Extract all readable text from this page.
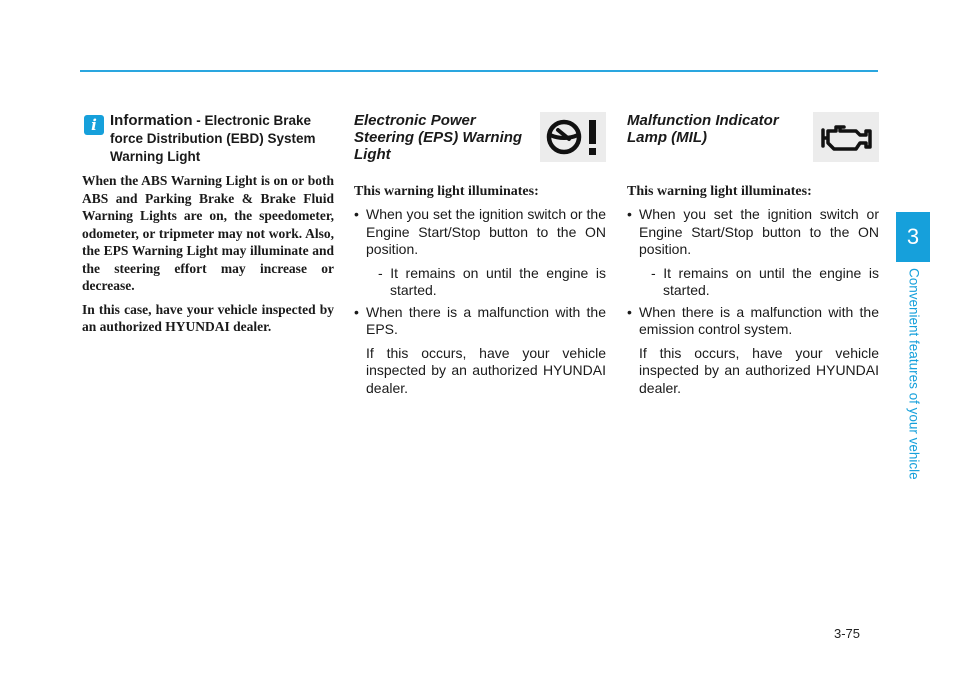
3
Convenient features of your vehicle
i Information - Electronic Brake force Distribution (EBD) System Warning Light

When the ABS Warning Light is on or both ABS and Parking Brake & Brake Fluid Warning Lights are on, the speedometer, odometer, or tripmeter may not work. Also, the EPS Warning Light may illuminate and the steering effort may increase or decrease.

In this case, have your vehicle inspected by an authorized HYUNDAI dealer.

Electronic Power Steering (EPS) Warning Light

This warning light illuminates:

• When you set the ignition switch or the Engine Start/Stop button to the ON position.
- It remains on until the engine is started.
• When there is a malfunction with the EPS.
If this occurs, have your vehicle inspected by an authorized HYUNDAI dealer.

Malfunction Indicator Lamp (MIL)

This warning light illuminates:

• When you set the ignition switch or Engine Start/Stop button to the ON position.
- It remains on until the engine is started.
• When there is a malfunction with the emission control system.
If this occurs, have your vehicle inspected by an authorized HYUNDAI dealer.
3-75
